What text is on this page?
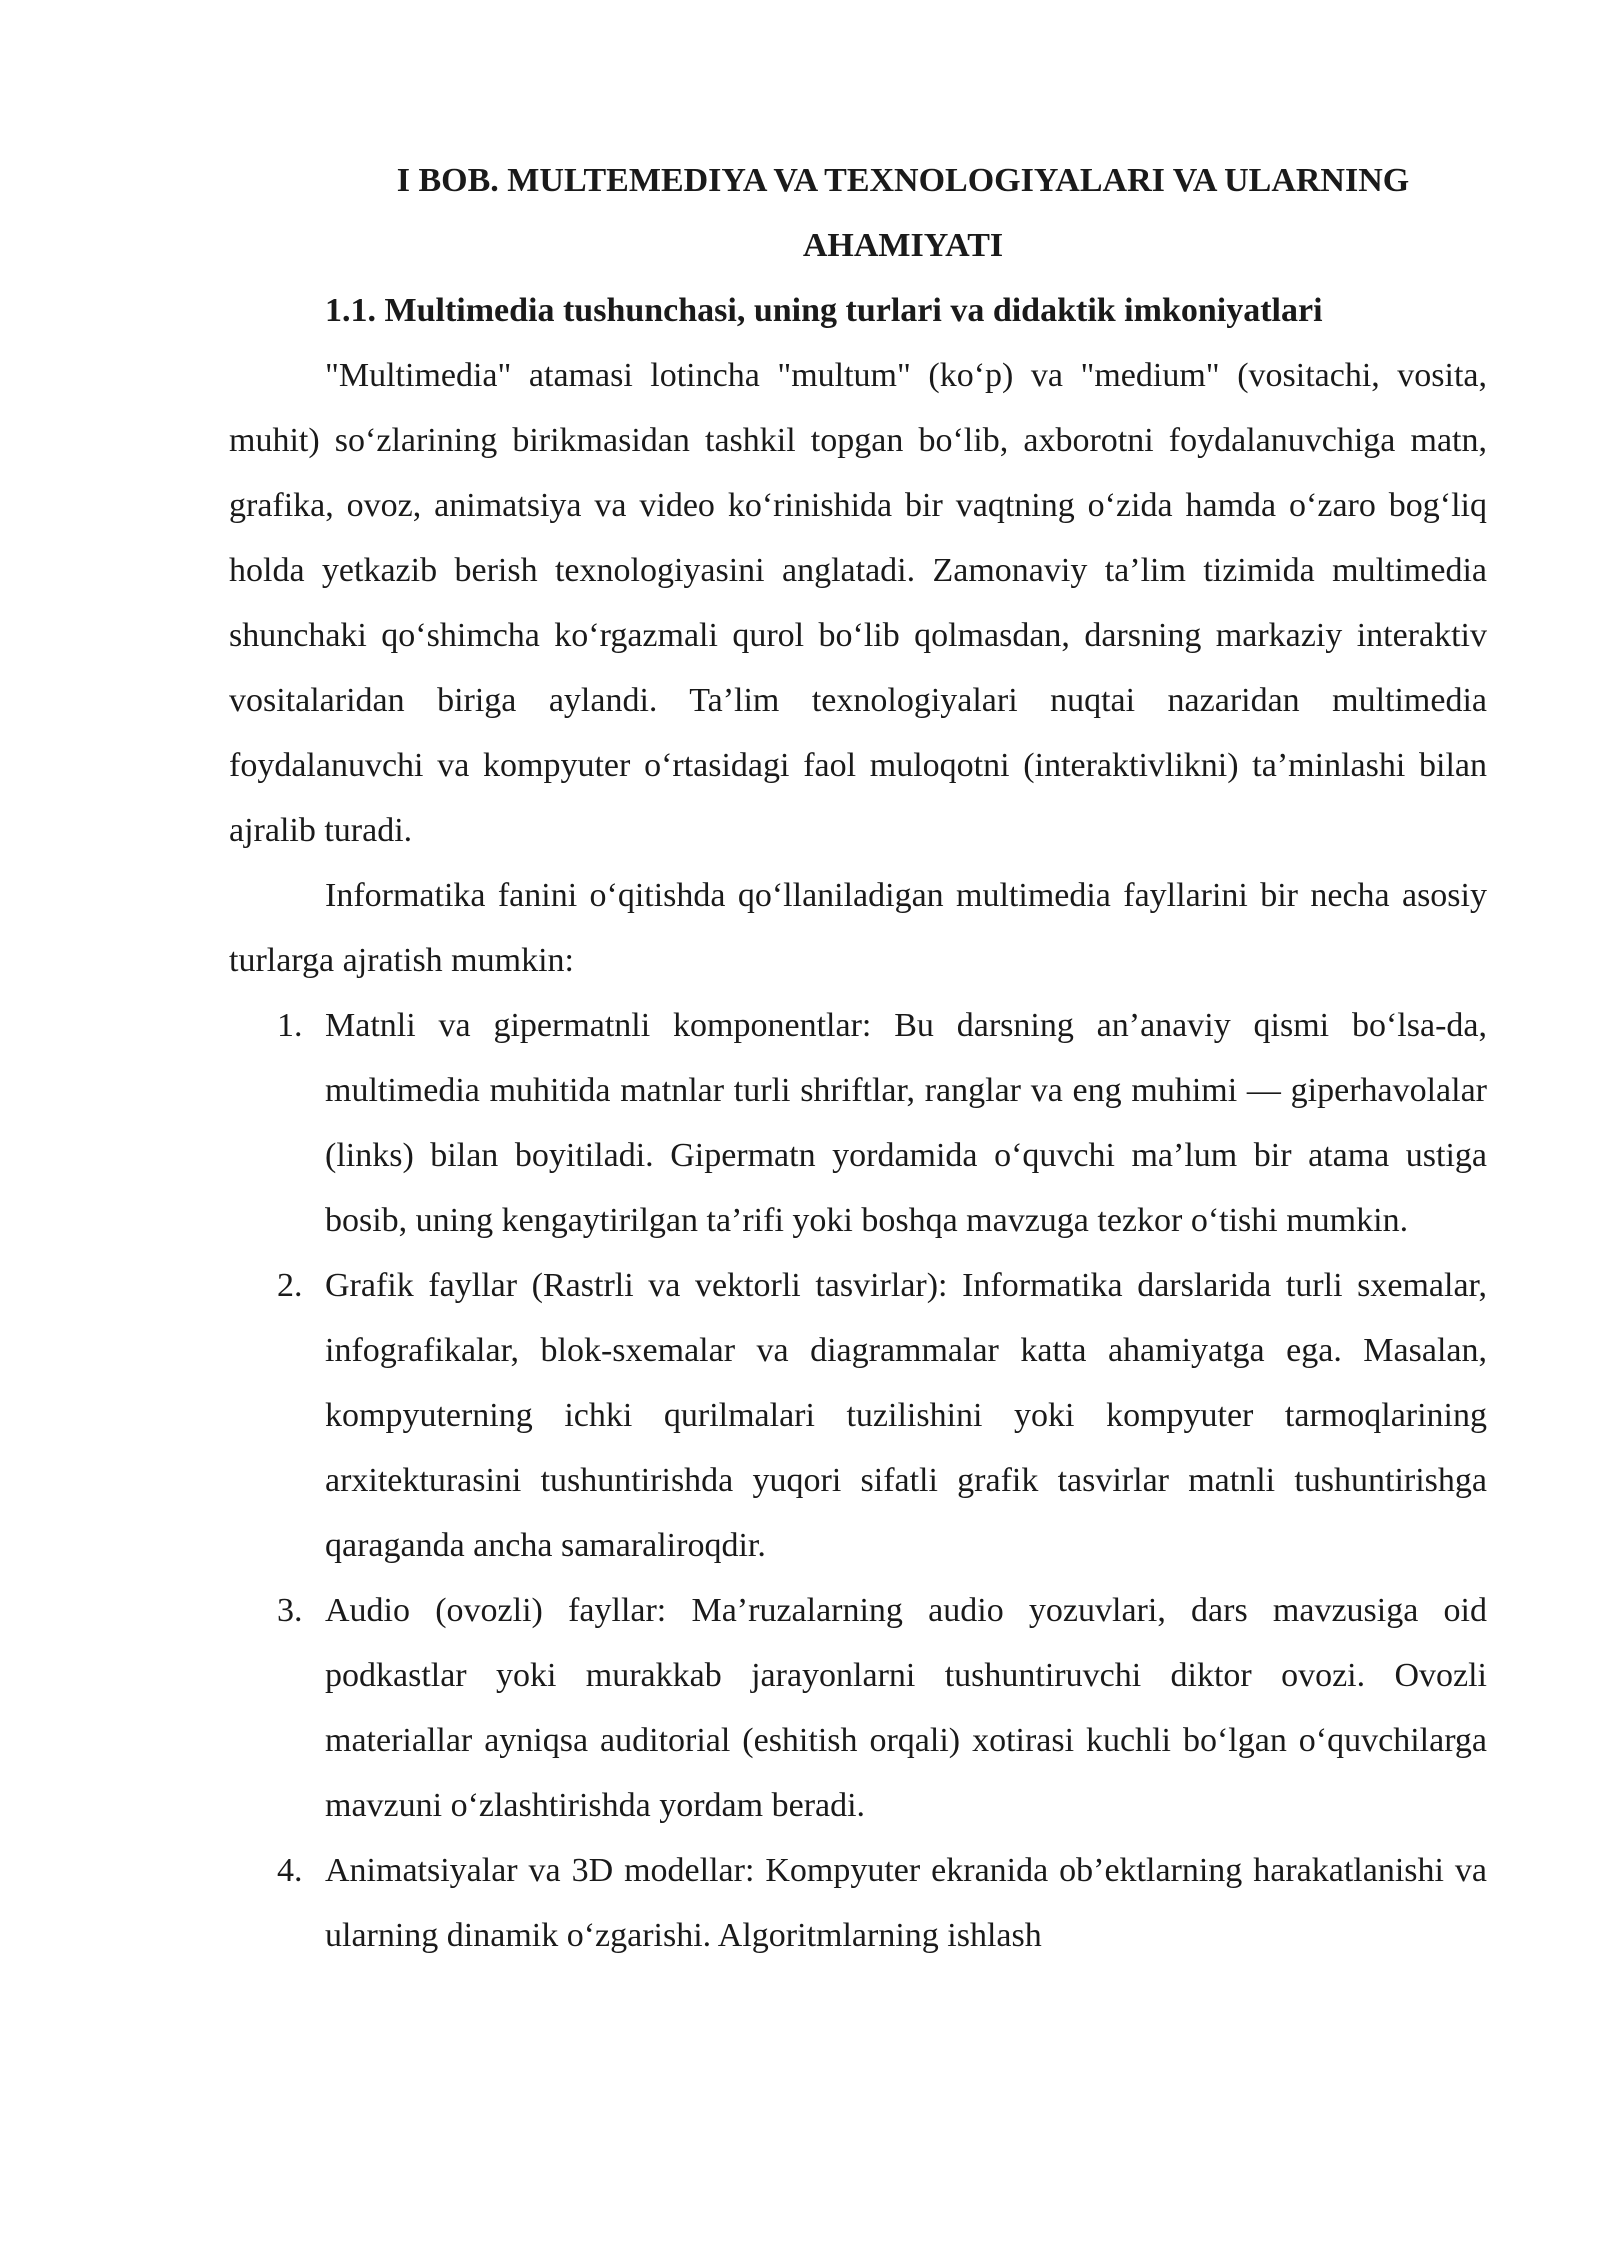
I BOB. MULTEMEDIYA VA TEXNOLOGIYALARI VA ULARNING
AHAMIYATI
1.1. Multimedia tushunchasi, uning turlari va didaktik imkoniyatlari

"Multimedia" atamasi lotincha "multum" (ko‘p) va "medium" (vositachi, vosita, muhit) so‘zlarining birikmasidan tashkil topgan bo‘lib, axborotni foydalanuvchiga matn, grafika, ovoz, animatsiya va video ko‘rinishida bir vaqtning o‘zida hamda o‘zaro bog‘liq holda yetkazib berish texnologiyasini anglatadi. Zamonaviy ta’lim tizimida multimedia shunchaki qo‘shimcha ko‘rgazmali qurol bo‘lib qolmasdan, darsning markaziy interaktiv vositalaridan biriga aylandi. Ta’lim texnologiyalari nuqtai nazaridan multimedia foydalanuvchi va kompyuter o‘rtasidagi faol muloqotni (interaktivlikni) ta’minlashi bilan ajralib turadi.

Informatika fanini o‘qitishda qo‘llaniladigan multimedia fayllarini bir necha asosiy turlarga ajratish mumkin:

1. Matnli va gipermatnli komponentlar: Bu darsning an’anaviy qismi bo‘lsa-da, multimedia muhitida matnlar turli shriftlar, ranglar va eng muhimi — giperhavolalar (links) bilan boyitiladi. Gipermatn yordamida o‘quvchi ma’lum bir atama ustiga bosib, uning kengaytirilgan ta’rifi yoki boshqa mavzuga tezkor o‘tishi mumkin.
2. Grafik fayllar (Rastrli va vektorli tasvirlar): Informatika darslarida turli sxemalar, infografikalar, blok-sxemalar va diagrammalar katta ahamiyatga ega. Masalan, kompyuterning ichki qurilmalari tuzilishini yoki kompyuter tarmoqlarining arxitekturasini tushuntirishda yuqori sifatli grafik tasvirlar matnli tushuntirishga qaraganda ancha samaraliroqdir.
3. Audio (ovozli) fayllar: Ma’ruzalarning audio yozuvlari, dars mavzusiga oid podkastlar yoki murakkab jarayonlarni tushuntiruvchi diktor ovozi. Ovozli materiallar ayniqsa auditorial (eshitish orqali) xotirasi kuchli bo‘lgan o‘quvchilarga mavzuni o‘zlashtirishda yordam beradi.
4. Animatsiyalar va 3D modellar: Kompyuter ekranida ob’ektlarning harakatlanishi va ularning dinamik o‘zgarishi. Algoritmlarning ishlash
